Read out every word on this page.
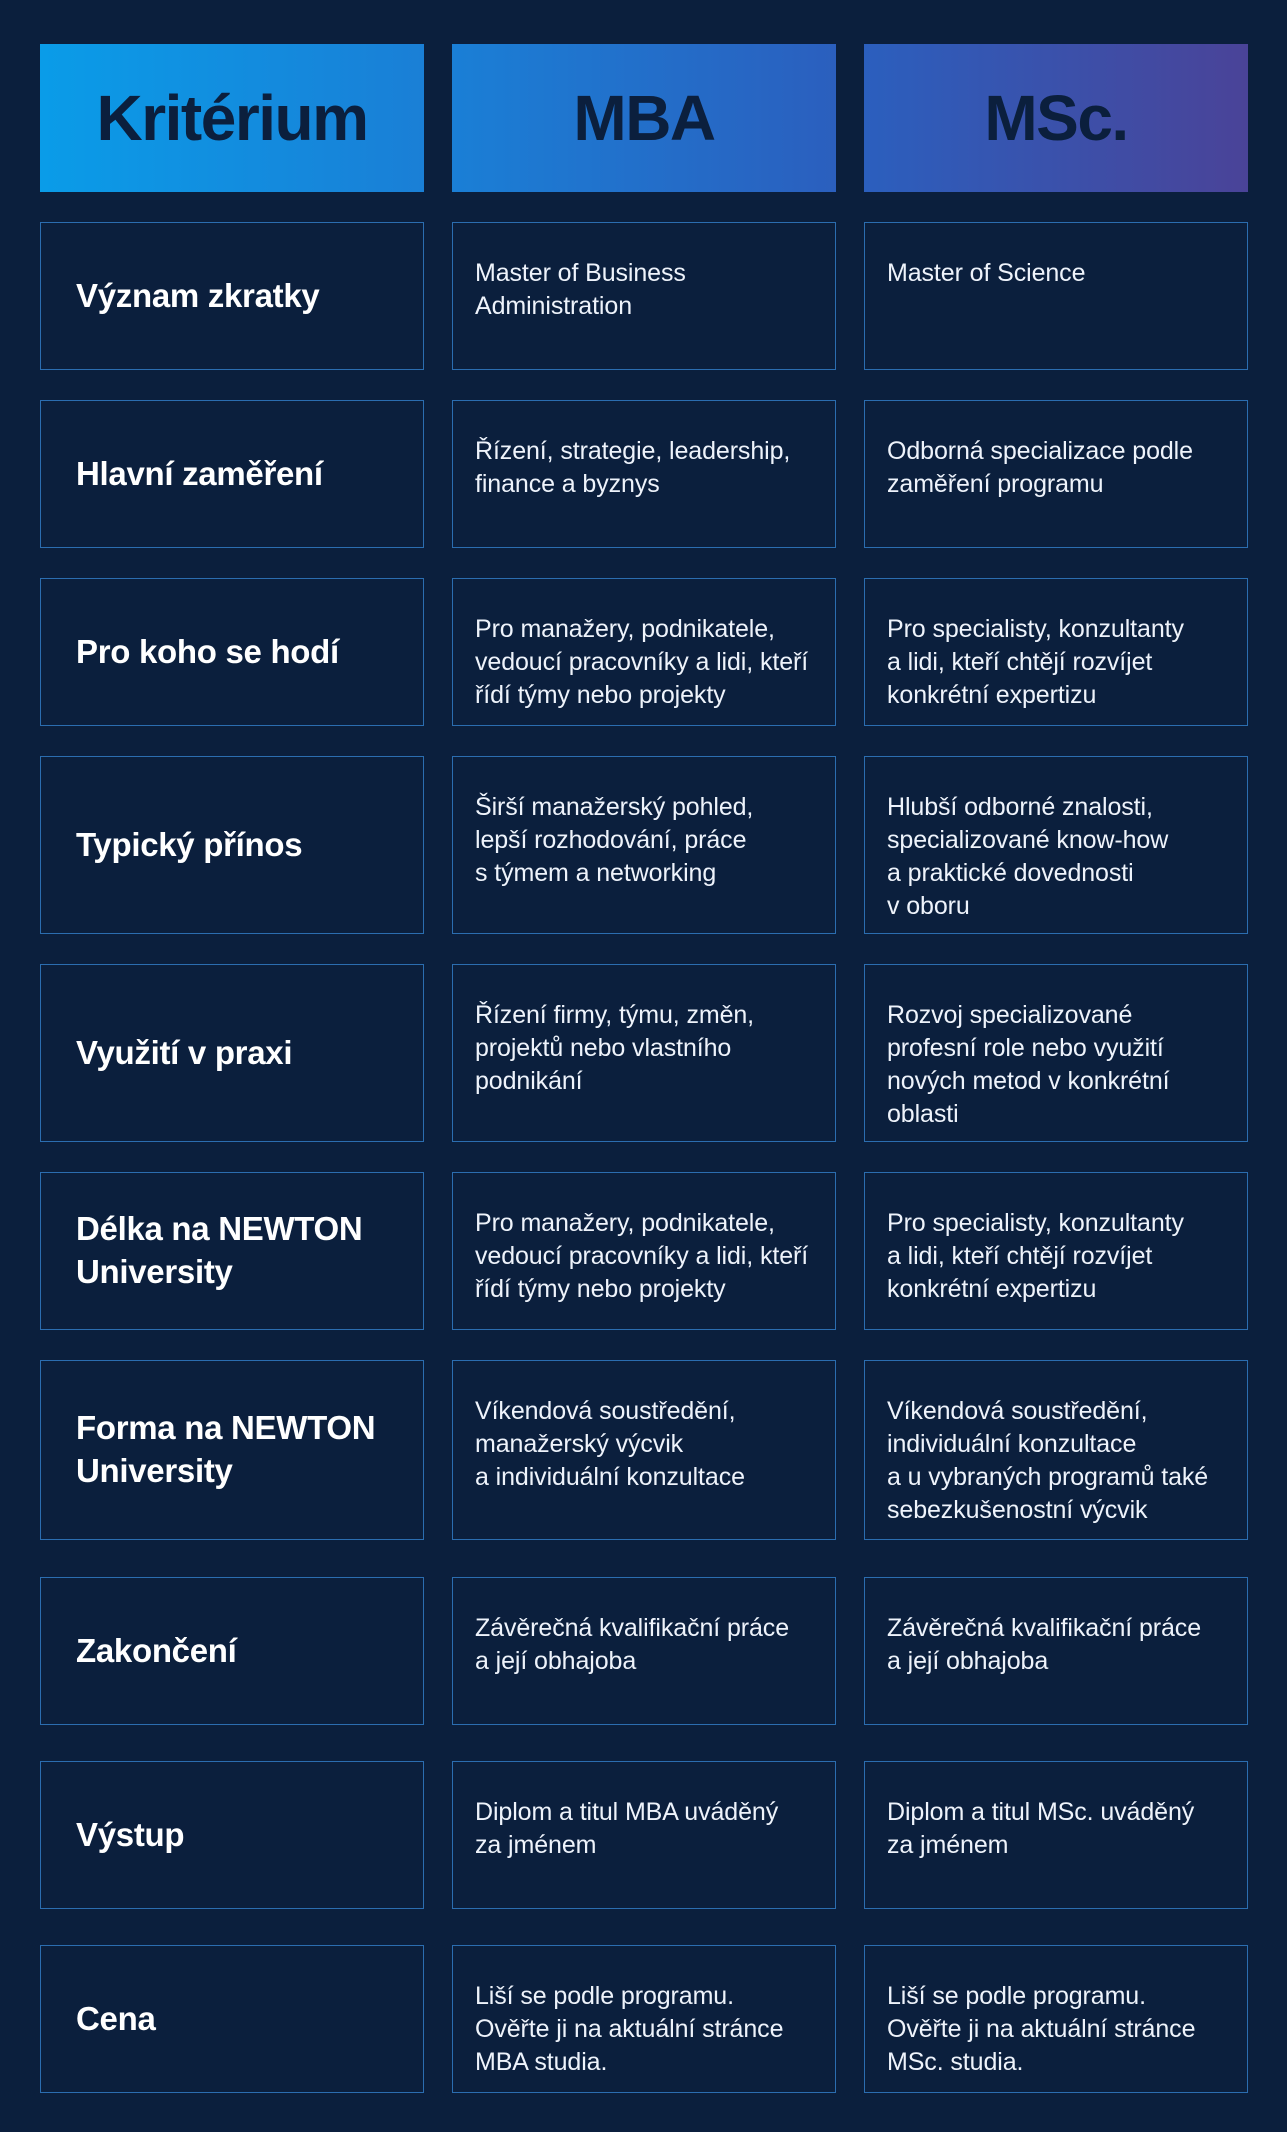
Kritérium	MBA	MSc.
Význam zkratky
Master of Business
Administration
Master of Science
Hlavní zaměření
Řízení, strategie, leadership,
finance a byznys
Odborná specializace podle
zaměření programu
Pro koho se hodí
Pro manažery, podnikatele,
vedoucí pracovníky a lidi, kteří
řídí týmy nebo projekty
Pro specialisty, konzultanty
a lidi, kteří chtějí rozvíjet
konkrétní expertizu
Typický přínos
Širší manažerský pohled,
lepší rozhodování, práce
s týmem a networking
Hlubší odborné znalosti,
specializované know-how
a praktické dovednosti
v oboru
Využití v praxi
Řízení firmy, týmu, změn,
projektů nebo vlastního
podnikání
Rozvoj specializované
profesní role nebo využití
nových metod v konkrétní
oblasti
Délka na NEWTON University
Pro manažery, podnikatele,
vedoucí pracovníky a lidi, kteří
řídí týmy nebo projekty
Pro specialisty, konzultanty
a lidi, kteří chtějí rozvíjet
konkrétní expertizu
Forma na NEWTON University
Víkendová soustředění,
manažerský výcvik
a individuální konzultace
Víkendová soustředění,
individuální konzultace
a u vybraných programů také
sebezkušenostní výcvik
Zakončení
Závěrečná kvalifikační práce
a její obhajoba
Závěrečná kvalifikační práce
a její obhajoba
Výstup
Diplom a titul MBA uváděný
za jménem
Diplom a titul MSc. uváděný
za jménem
Cena
Liší se podle programu.
Ověřte ji na aktuální stránce
MBA studia.
Liší se podle programu.
Ověřte ji na aktuální stránce
MSc. studia.
